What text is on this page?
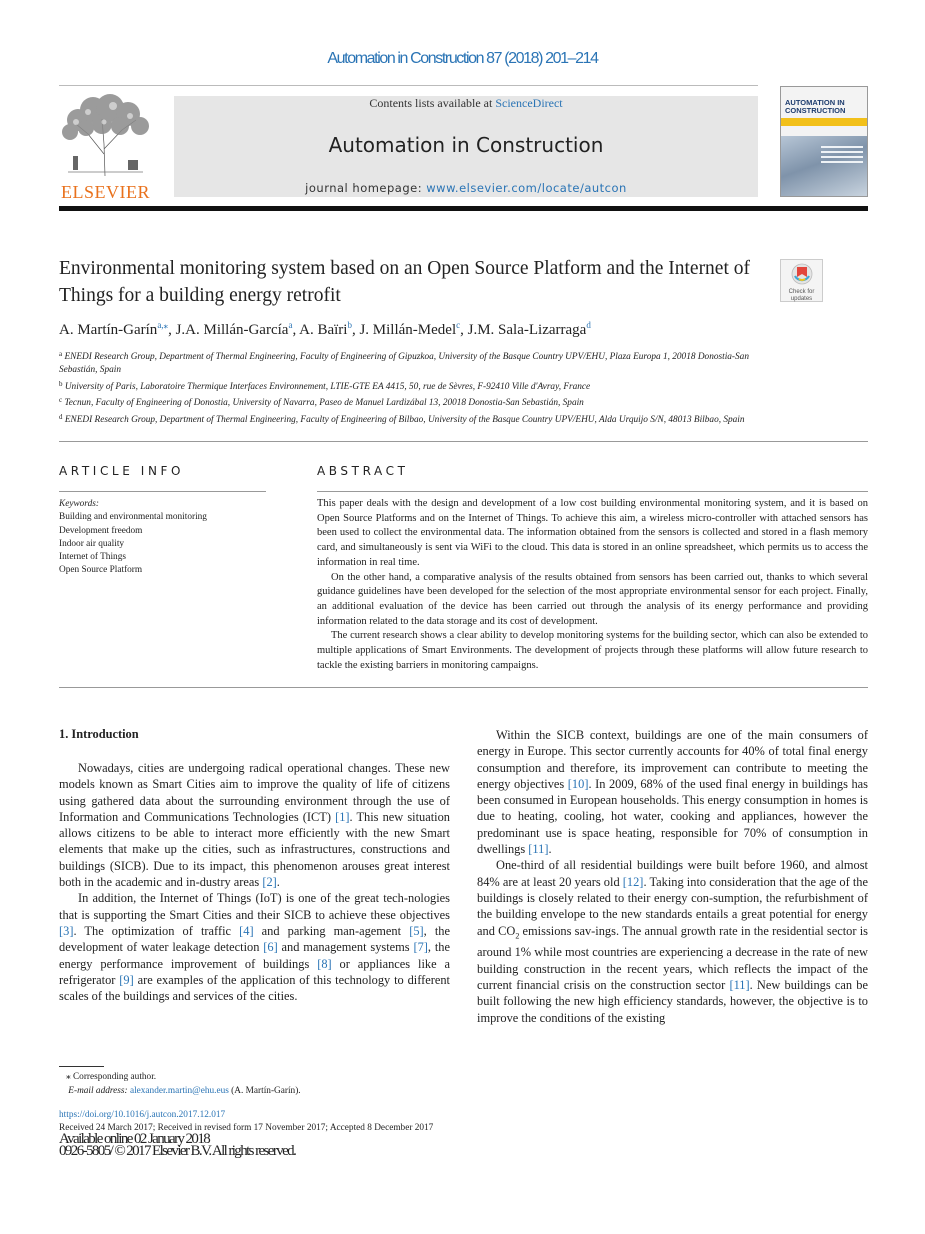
Automation in Construction 87 (2018) 201–214
ELSEVIER
Contents lists available at ScienceDirect
Automation in Construction
journal homepage: www.elsevier.com/locate/autcon
AUTOMATION IN CONSTRUCTION
Environmental monitoring system based on an Open Source Platform and the Internet of Things for a building energy retrofit	Check for
updates
A. Martín-Garín$^{a,⁎}$, J.A. Millán-García$^a$, A. Baïri$^b$, J. Millán-Medel$^c$, J.M. Sala-Lizarraga$^d$
$^a$ ENEDI Research Group, Department of Thermal Engineering, Faculty of Engineering of Gipuzkoa, University of the Basque Country UPV/EHU, Plaza Europa 1, 20018 Donostia-San Sebastián, Spain
$^b$ University of Paris, Laboratoire Thermique Interfaces Environnement, LTIE-GTE EA 4415, 50, rue de Sèvres, F-92410 Ville d'Avray, France
$^c$ Tecnun, Faculty of Engineering of Donostia, University of Navarra, Paseo de Manuel Lardizábal 13, 20018 Donostia-San Sebastián, Spain
$^d$ ENEDI Research Group, Department of Thermal Engineering, Faculty of Engineering of Bilbao, University of the Basque Country UPV/EHU, Alda Urquijo S/N, 48013 Bilbao, Spain
ARTICLE INFO	ABSTRACT
Keywords:
Building and environmental monitoring
Development freedom
Indoor air quality
Internet of Things
Open Source Platform

This paper deals with the design and development of a low cost building environmental monitoring system, and it is based on Open Source Platforms and on the Internet of Things. To achieve this aim, a wireless micro-controller with attached sensors has been used to collect the environmental data. The information obtained from the sensors is collected and stored in a flash memory card, and simultaneously is sent via WiFi to the cloud. This data is stored in an online spreadsheet, which permits us to access the information in real time.

On the other hand, a comparative analysis of the results obtained from sensors has been carried out, thanks to which several guidance guidelines have been developed for the selection of the most appropriate environmental sensor for each project. Finally, an additional evaluation of the device has been carried out through the analysis of its energy performance and providing information related to the data storage and its cost of development.

The current research shows a clear ability to develop monitoring systems for the building sector, which can also be extended to multiple applications of Smart Environments. The development of projects through these platforms will allow future research to tackle the existing barriers in monitoring campaigns.

1. Introduction

Nowadays, cities are undergoing radical operational changes. These new models known as Smart Cities aim to improve the quality of life of citizens using gathered data about the surrounding environment through the use of Information and Communications Technologies (ICT) [1]. This new situation allows citizens to be able to interact more efficiently with the new Smart elements that make up the cities, such as infrastructures, constructions and buildings (SICB). Due to its impact, this phenomenon arouses great interest both in the academic and in-dustry areas [2].

In addition, the Internet of Things (IoT) is one of the great tech-nologies that is supporting the Smart Cities and their SICB to achieve these objectives [3]. The optimization of traffic [4] and parking man-agement [5], the development of water leakage detection [6] and management systems [7], the energy performance improvement of buildings [8] or appliances like a refrigerator [9] are examples of the application of this technology to different scales of the buildings and services of the cities.

Within the SICB context, buildings are one of the main consumers of energy in Europe. This sector currently accounts for 40% of total final energy consumption and therefore, its improvement can contribute to meeting the energy objectives [10]. In 2009, 68% of the used final energy in buildings has been consumed in European households. This energy consumption in homes is due to heating, cooling, hot water, cooking and appliances, however the predominant use is space heating, responsible for 70% of consumption in dwellings [11].

One-third of all residential buildings were built before 1960, and almost 84% are at least 20 years old [12]. Taking into consideration that the age of the buildings is closely related to their energy con-sumption, the refurbishment of the building envelope to the new standards entails a great potential for energy and $CO_2$ emissions sav-ings. The annual growth rate in the residential sector is around 1% while most countries are experiencing a decrease in the rate of new building construction in the recent years, which reflects the impact of the current financial crisis on the construction sector [11]. New buildings can be built following the new high efficiency standards, however, the objective is to improve the conditions of the existing

⁎ Corresponding author.
E-mail address: alexander.martin@ehu.eus (A. Martín-Garín).
https://doi.org/10.1016/j.autcon.2017.12.017
Received 24 March 2017; Received in revised form 17 November 2017; Accepted 8 December 2017
Available online 02 January 2018
0926-5805/ © 2017 Elsevier B.V. All rights reserved.
